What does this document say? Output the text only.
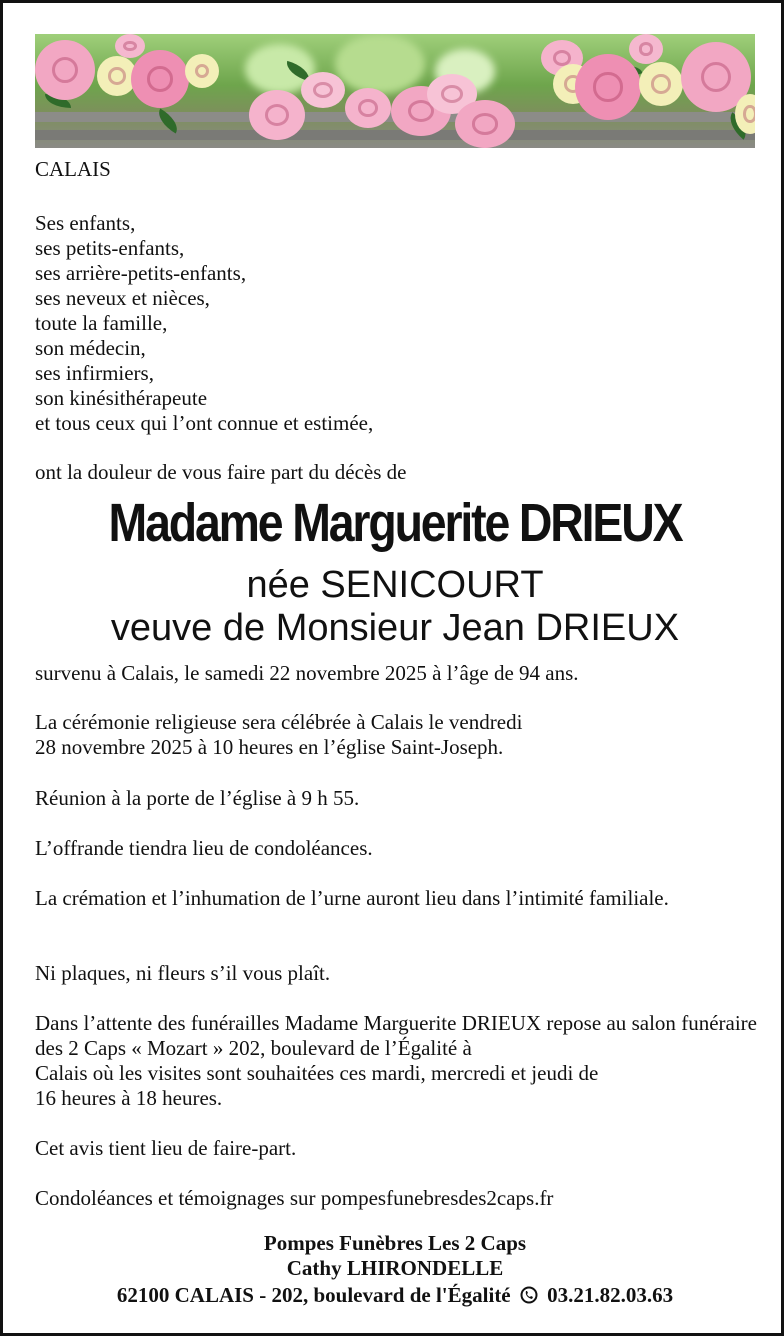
CALAIS
Ses enfants,
ses petits-enfants,
ses arrière-petits-enfants,
ses neveux et nièces,
toute la famille,
son médecin,
ses infirmiers,
son kinésithérapeute
et tous ceux qui l’ont connue et estimée,
ont la douleur de vous faire part du décès de
Madame Marguerite DRIEUX
née SENICOURT
veuve de Monsieur Jean DRIEUX
survenu à Calais, le samedi 22 novembre 2025 à l’âge de 94 ans.
La cérémonie religieuse sera célébrée à Calais le vendredi
28 novembre 2025 à 10 heures en l’église Saint-Joseph.
Réunion à la porte de l’église à 9 h 55.
L’offrande tiendra lieu de condoléances.
La crémation et l’inhumation de l’urne auront lieu dans l’intimité familiale.
Ni plaques, ni fleurs s’il vous plaît.
Dans l’attente des funérailles Madame Marguerite DRIEUX repose au salon funéraire des 2 Caps « Mozart » 202, boulevard de l’Égalité à
Calais où les visites sont souhaitées ces mardi, mercredi et jeudi de
16 heures à 18 heures.
Cet avis tient lieu de faire-part.
Condoléances et témoignages sur pompesfunebresdes2caps.fr
Pompes Funèbres Les 2 Caps
Cathy LHIRONDELLE
62100 CALAIS - 202, boulevard de l'Égalité 03.21.82.03.63
